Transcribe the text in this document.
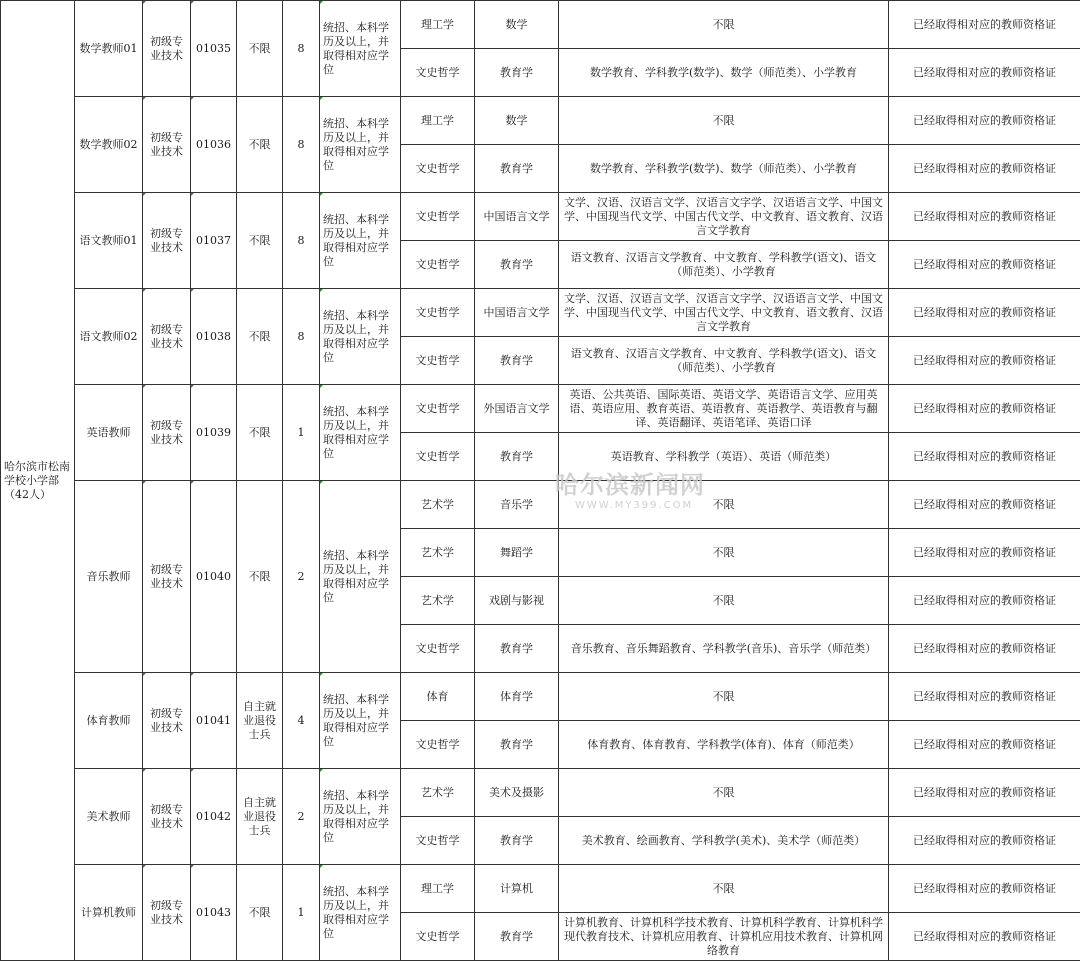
哈尔滨市松南学校小学部（42人）	数学教师01	初级专业技术	01035	不限	8	统招、本科学历及以上，并取得相对应学位	理工学	数学	不限	已经取得相对应的教师资格证
							文史哲学	教育学	数学教育、学科教学(数学)、数学（师范类）、小学教育	已经取得相对应的教师资格证
	数学教师02	初级专业技术	01036	不限	8	统招、本科学历及以上，并取得相对应学位	理工学	数学	不限	已经取得相对应的教师资格证
							文史哲学	教育学	数学教育、学科教学(数学)、数学（师范类）、小学教育	已经取得相对应的教师资格证
	语文教师01	初级专业技术	01037	不限	8	统招、本科学历及以上，并取得相对应学位	文史哲学	中国语言文学	文学、汉语、汉语言文学、汉语言文字学、汉语语言文学、中国文学、中国现当代文学、中国古代文学、中文教育、语文教育、汉语言文学教育	已经取得相对应的教师资格证
							文史哲学	教育学	语文教育、汉语言文学教育、中文教育、学科教学(语文)、语文（师范类）、小学教育	已经取得相对应的教师资格证
	语文教师02	初级专业技术	01038	不限	8	统招、本科学历及以上，并取得相对应学位	文史哲学	中国语言文学	文学、汉语、汉语言文学、汉语言文字学、汉语语言文学、中国文学、中国现当代文学、中国古代文学、中文教育、语文教育、汉语言文学教育	已经取得相对应的教师资格证
							文史哲学	教育学	语文教育、汉语言文学教育、中文教育、学科教学(语文)、语文（师范类）、小学教育	已经取得相对应的教师资格证
	英语教师	初级专业技术	01039	不限	1	统招、本科学历及以上，并取得相对应学位	文史哲学	外国语言文学	英语、公共英语、国际英语、英语文学、英语语言文学、应用英语、英语应用、教育英语、英语教育、英语教学、英语教育与翻译、英语翻译、英语笔译、英语口译	已经取得相对应的教师资格证
							文史哲学	教育学	英语教育、学科教学（英语）、英语（师范类）	已经取得相对应的教师资格证
	音乐教师	初级专业技术	01040	不限	2	统招、本科学历及以上，并取得相对应学位	艺术学	音乐学	不限	已经取得相对应的教师资格证
							艺术学	舞蹈学	不限	已经取得相对应的教师资格证
							艺术学	戏剧与影视	不限	已经取得相对应的教师资格证
							文史哲学	教育学	音乐教育、音乐舞蹈教育、学科教学(音乐)、音乐学（师范类）	已经取得相对应的教师资格证
	体育教师	初级专业技术	01041	自主就业退役士兵	4	统招、本科学历及以上，并取得相对应学位	体育	体育学	不限	已经取得相对应的教师资格证
							文史哲学	教育学	体育教育、体育教育、学科教学(体育)、体育（师范类）	已经取得相对应的教师资格证
	美术教师	初级专业技术	01042	自主就业退役士兵	2	统招、本科学历及以上，并取得相对应学位	艺术学	美术及摄影	不限	已经取得相对应的教师资格证
							文史哲学	教育学	美术教育、绘画教育、学科教学(美术)、美术学（师范类）	已经取得相对应的教师资格证
	计算机教师	初级专业技术	01043	不限	1	统招、本科学历及以上，并取得相对应学位	理工学	计算机	不限	已经取得相对应的教师资格证
							文史哲学	教育学	计算机教育、计算机科学技术教育、计算机科学教育、计算机科学现代教育技术、计算机应用教育、计算机应用技术教育、计算机网络教育	已经取得相对应的教师资格证
哈尔滨新闻网
WWW.MY399.COM
